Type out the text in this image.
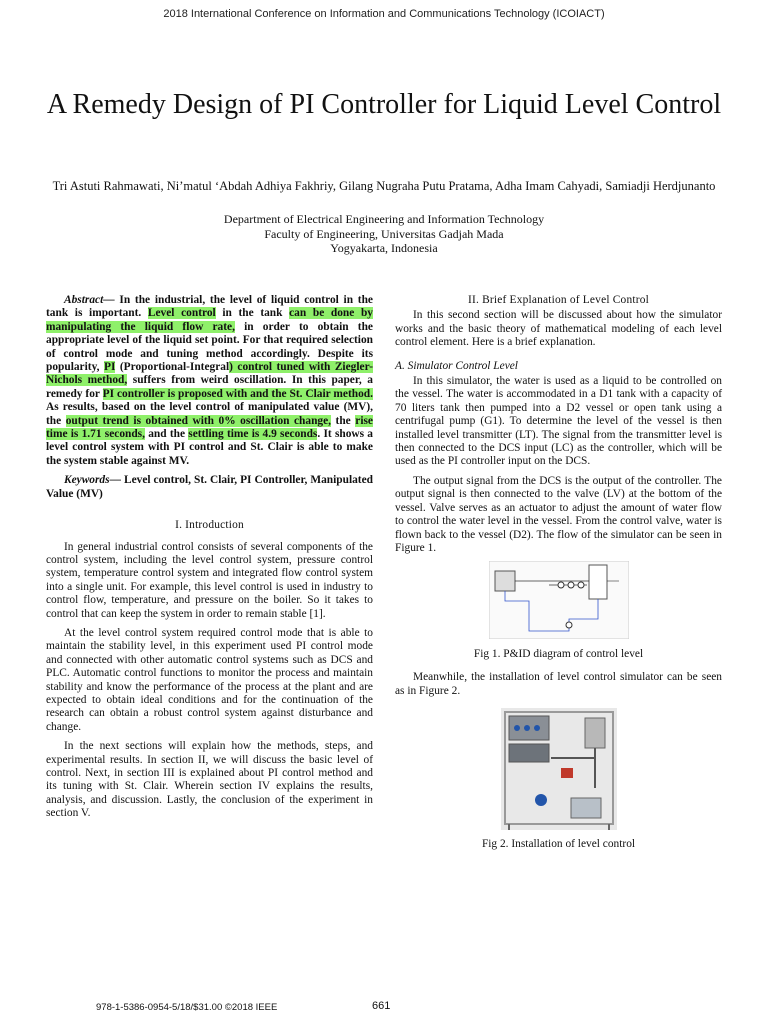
2018 International Conference on Information and Communications Technology (ICOIACT)
A Remedy Design of PI Controller for Liquid Level Control
Tri Astuti Rahmawati, Ni’matul ‘Abdah Adhiya Fakhriy, Gilang Nugraha Putu Pratama, Adha Imam Cahyadi, Samiadji Herdjunanto
Department of Electrical Engineering and Information Technology
Faculty of Engineering, Universitas Gadjah Mada
Yogyakarta, Indonesia

Abstract— In the industrial, the level of liquid control in the tank is important. Level control in the tank can be done by manipulating the liquid flow rate, in order to obtain the appropriate level of the liquid set point. For that required selection of control mode and tuning method accordingly. Despite its popularity, PI (Proportional-Integral) control tuned with Ziegler-Nichols method, suffers from weird oscillation. In this paper, a remedy for PI controller is proposed with and the St. Clair method. As results, based on the level control of manipulated value (MV), the output trend is obtained with 0% oscillation change, the rise time is 1.71 seconds, and the settling time is 4.9 seconds. It shows a level control system with PI control and St. Clair is able to make the system stable against MV.

Keywords— Level control, St. Clair, PI Controller, Manipulated Value (MV)

I. Introduction

In general industrial control consists of several components of the control system, including the level control system, pressure control system, temperature control system and integrated flow control system into a single unit. For example, this level control is used in industry to control flow, temperature, and pressure on the boiler. So it takes to control that can keep the system in order to remain stable [1].

At the level control system required control mode that is able to maintain the stability level, in this experiment used PI control mode and connected with other automatic control systems such as DCS and PLC. Automatic control functions to monitor the process and maintain stability and know the performance of the process at the plant and are expected to obtain ideal conditions and for the continuation of the research can obtain a robust control system against disturbance and change.

In the next sections will explain how the methods, steps, and experimental results. In section II, we will discuss the basic level of control. Next, in section III is explained about PI control method and its tuning with St. Clair. Wherein section IV explains the results, analysis, and discussion. Lastly, the conclusion of the experiment in section V.

II. Brief Explanation of Level Control

In this second section will be discussed about how the simulator works and the basic theory of mathematical modeling of each level control element. Here is a brief explanation.

A. Simulator Control Level

In this simulator, the water is used as a liquid to be controlled on the vessel. The water is accommodated in a D1 tank with a capacity of 70 liters tank then pumped into a D2 vessel or open tank using a centrifugal pump (G1). To determine the level of the vessel is then installed level transmitter (LT). The signal from the transmitter level is then connected to the DCS input (LC) as the controller, which will be used as the PI controller input on the DCS.

The output signal from the DCS is the output of the controller. The output signal is then connected to the valve (LV) at the bottom of the vessel. Valve serves as an actuator to adjust the amount of water flow to control the water level in the vessel. From the control valve, water is flown back to the vessel (D2). The flow of the simulator can be seen in Figure 1.

Fig 1. P&ID diagram of control level

Meanwhile, the installation of level control simulator can be seen as in Figure 2.

Fig 2. Installation of level control

978-1-5386-0954-5/18/$31.00 ©2018 IEEE	661
